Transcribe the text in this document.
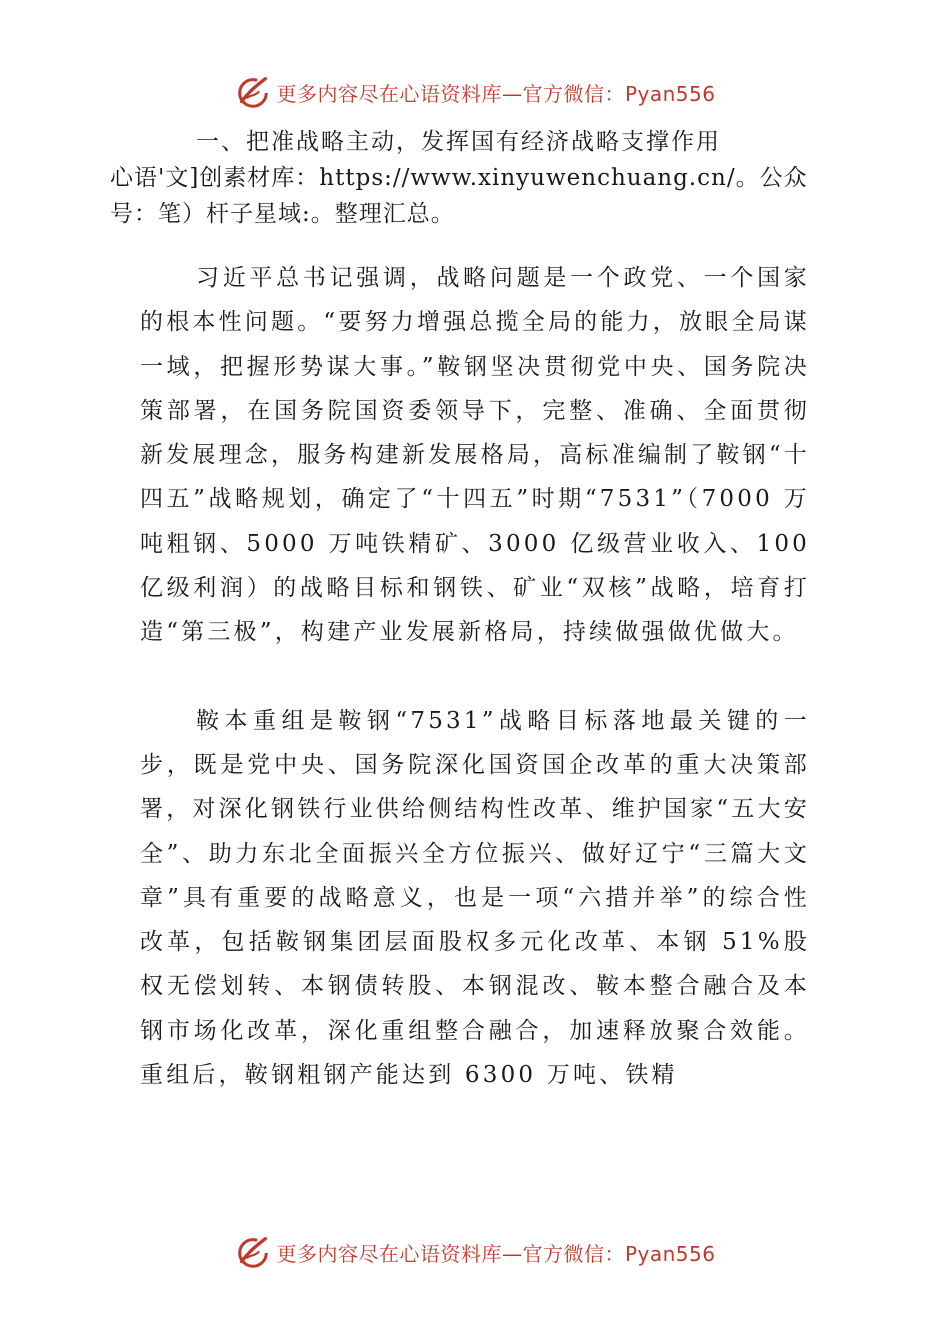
更多内容尽在心语资料库—官方微信：Pyan556

一、把准战略主动，发挥国有经济战略支撑作用

心语'文]创素材库：https://www.xinyuwenchuang.cn/。公众号：笔）杆子星域:。整理汇总。

习近平总书记强调，战略问题是一个政党、一个国家的根本性问题。“要努力增强总揽全局的能力，放眼全局谋一域，把握形势谋大事。”鞍钢坚决贯彻党中央、国务院决策部署，在国务院国资委领导下，完整、准确、全面贯彻新发展理念，服务构建新发展格局，高标准编制了鞍钢“十四五”战略规划，确定了“十四五”时期“7531”（7000 万吨粗钢、5000 万吨铁精矿、3000 亿级营业收入、100 亿级利润）的战略目标和钢铁、矿业“双核”战略，培育打造“第三极”，构建产业发展新格局，持续做强做优做大。

鞍本重组是鞍钢“7531”战略目标落地最关键的一步，既是党中央、国务院深化国资国企改革的重大决策部署，对深化钢铁行业供给侧结构性改革、维护国家“五大安全”、助力东北全面振兴全方位振兴、做好辽宁“三篇大文章”具有重要的战略意义，也是一项“六措并举”的综合性改革，包括鞍钢集团层面股权多元化改革、本钢 51%股权无偿划转、本钢债转股、本钢混改、鞍本整合融合及本钢市场化改革，深化重组整合融合，加速释放聚合效能。重组后，鞍钢粗钢产能达到 6300 万吨、铁精

更多内容尽在心语资料库—官方微信：Pyan556
